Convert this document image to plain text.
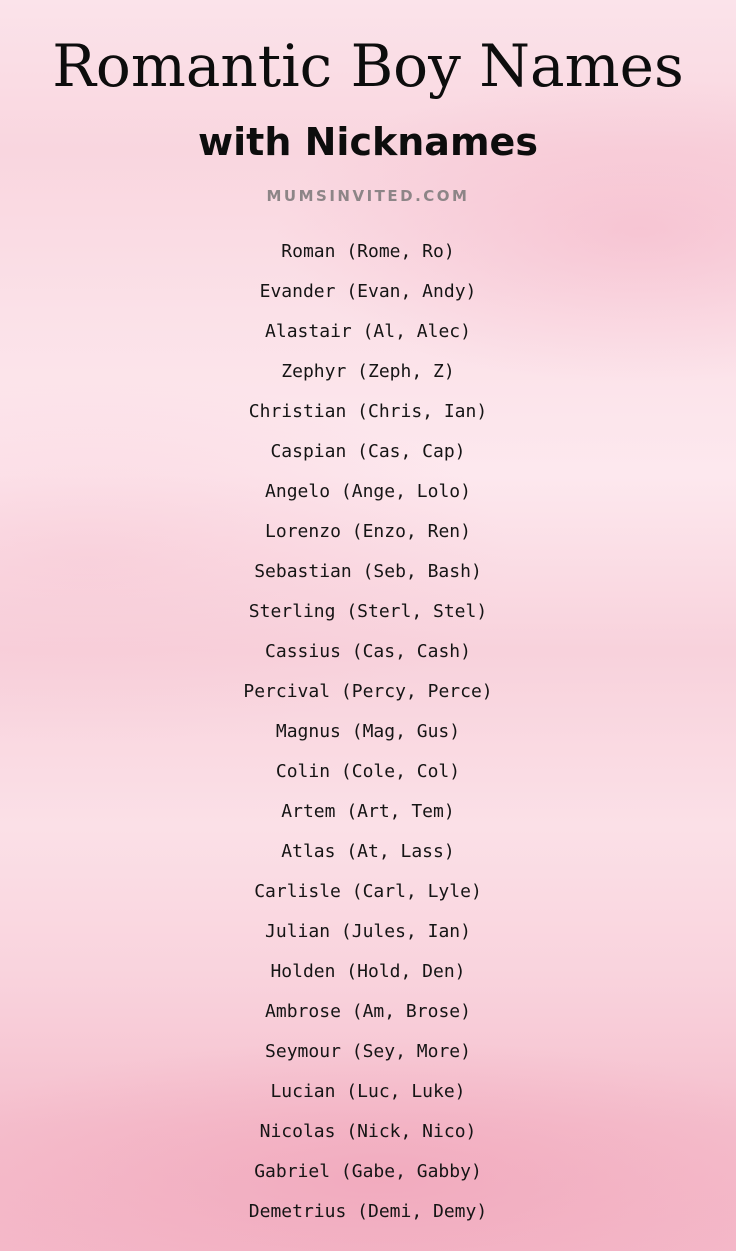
Romantic Boy Names
with Nicknames
MUMSINVITED.COM
Roman (Rome, Ro)
Evander (Evan, Andy)
Alastair (Al, Alec)
Zephyr (Zeph, Z)
Christian (Chris, Ian)
Caspian (Cas, Cap)
Angelo (Ange, Lolo)
Lorenzo (Enzo, Ren)
Sebastian (Seb, Bash)
Sterling (Sterl, Stel)
Cassius (Cas, Cash)
Percival (Percy, Perce)
Magnus (Mag, Gus)
Colin (Cole, Col)
Artem (Art, Tem)
Atlas (At, Lass)
Carlisle (Carl, Lyle)
Julian (Jules, Ian)
Holden (Hold, Den)
Ambrose (Am, Brose)
Seymour (Sey, More)
Lucian (Luc, Luke)
Nicolas (Nick, Nico)
Gabriel (Gabe, Gabby)
Demetrius (Demi, Demy)
